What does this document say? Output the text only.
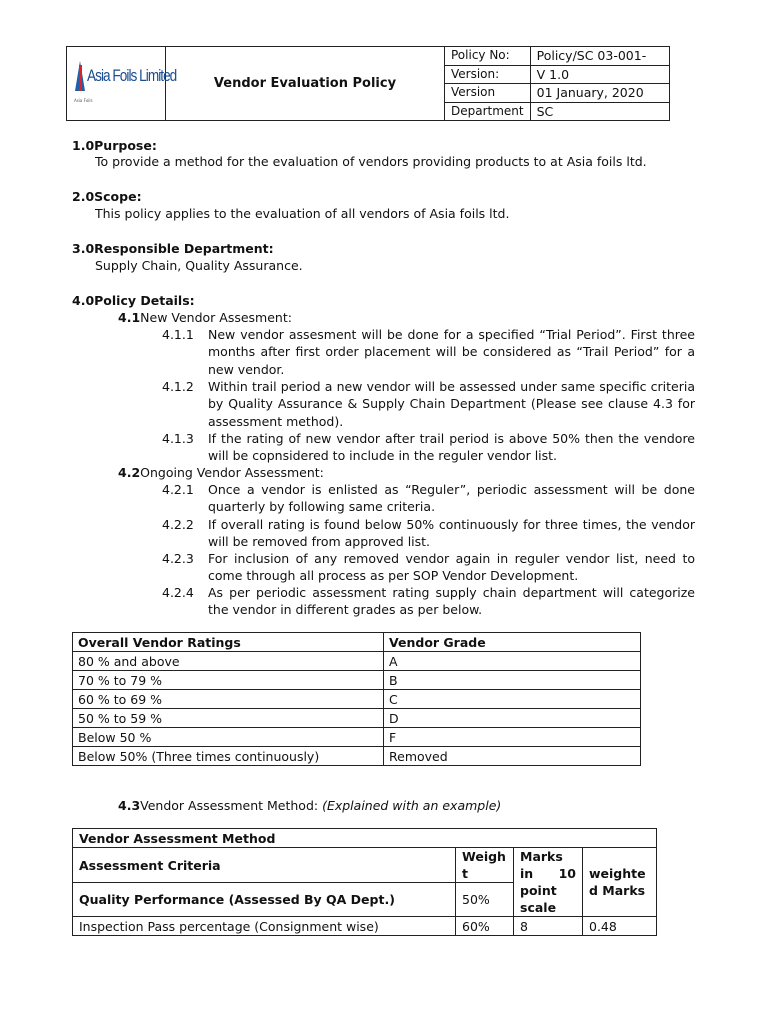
Asia Foils Limited
Asia Foils	Vendor Evaluation Policy	Policy No:	Policy/SC 03-001-
		Version:	V 1.0
		Version	01 January, 2020
		Department	SC
1.0Purpose:
To provide a method for the evaluation of vendors providing products to at Asia foils ltd.
2.0Scope:
This policy applies to the evaluation of all vendors of Asia foils ltd.
3.0Responsible Department:
Supply Chain, Quality Assurance.
4.0Policy Details:
4.1New Vendor Assesment:
4.1.1 New vendor assesment will be done for a specified “Trial Period”. First three months after first order placement will be considered as “Trail Period” for a new vendor.
4.1.2 Within trail period a new vendor will be assessed under same specific criteria by Quality Assurance & Supply Chain Department (Please see clause 4.3 for assessment method).
4.1.3 If the rating of new vendor after trail period is above 50% then the vendore will be copnsidered to include in the reguler vendor list.
4.2Ongoing Vendor Assessment:
4.2.1 Once a vendor is enlisted as “Reguler”, periodic assessment will be done quarterly by following same criteria.
4.2.2 If overall rating is found below 50% continuously for three times, the vendor will be removed from approved list.
4.2.3 For inclusion of any removed vendor again in reguler vendor list, need to come through all process as per SOP Vendor Development.
4.2.4 As per periodic assessment rating supply chain department will categorize the vendor in different grades as per below.
Overall Vendor Ratings	Vendor Grade
80 % and above	A
70 % to 79 %	B
60 % to 69 %	C
50 % to 59 %	D
Below 50 %	F
Below 50% (Three times continuously)	Removed
4.3Vendor Assessment Method: (Explained with an example)
Vendor Assessment Method			
Assessment Criteria	Weigh t	Marks in 10 point scale	weighte d Marks
Quality Performance (Assessed By QA Dept.)	50%		
Inspection Pass percentage (Consignment wise)	60%	8	0.48
